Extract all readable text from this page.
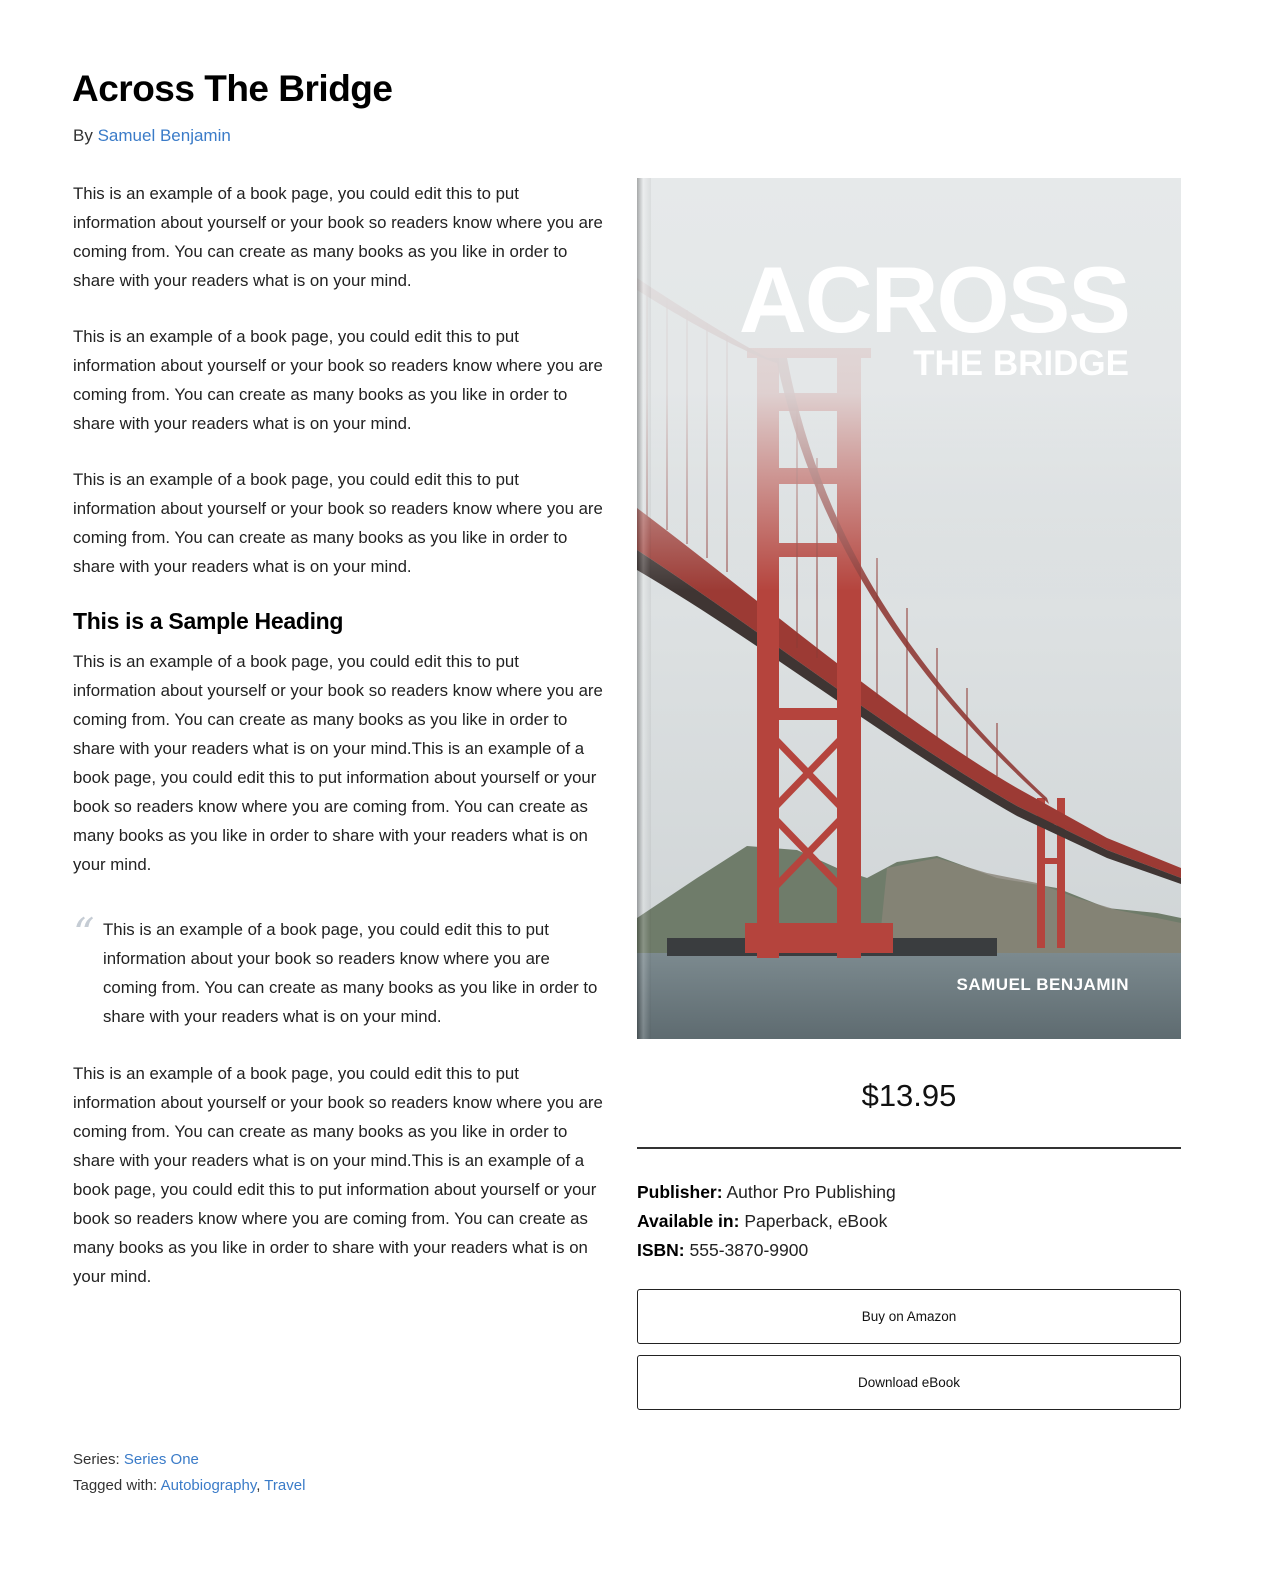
Across The Bridge
By Samuel Benjamin

This is an example of a book page, you could edit this to put information about yourself or your book so readers know where you are coming from. You can create as many books as you like in order to share with your readers what is on your mind.

This is an example of a book page, you could edit this to put information about yourself or your book so readers know where you are coming from. You can create as many books as you like in order to share with your readers what is on your mind.

This is an example of a book page, you could edit this to put information about yourself or your book so readers know where you are coming from. You can create as many books as you like in order to share with your readers what is on your mind.

This is a Sample Heading

This is an example of a book page, you could edit this to put information about yourself or your book so readers know where you are coming from. You can create as many books as you like in order to share with your readers what is on your mind.This is an example of a book page, you could edit this to put information about yourself or your book so readers know where you are coming from. You can create as many books as you like in order to share with your readers what is on your mind.

“ This is an example of a book page, you could edit this to put information about your book so readers know where you are coming from. You can create as many books as you like in order to share with your readers what is on your mind.

This is an example of a book page, you could edit this to put information about yourself or your book so readers know where you are coming from. You can create as many books as you like in order to share with your readers what is on your mind.This is an example of a book page, you could edit this to put information about yourself or your book so readers know where you are coming from. You can create as many books as you like in order to share with your readers what is on your mind.

ACROSS
THE BRIDGE
SAMUEL BENJAMIN
$13.95
Publisher: Author Pro Publishing
Available in: Paperback, eBook
ISBN: 555-3870-9900
Buy on Amazon
Download eBook
Series: Series One
Tagged with: Autobiography, Travel
